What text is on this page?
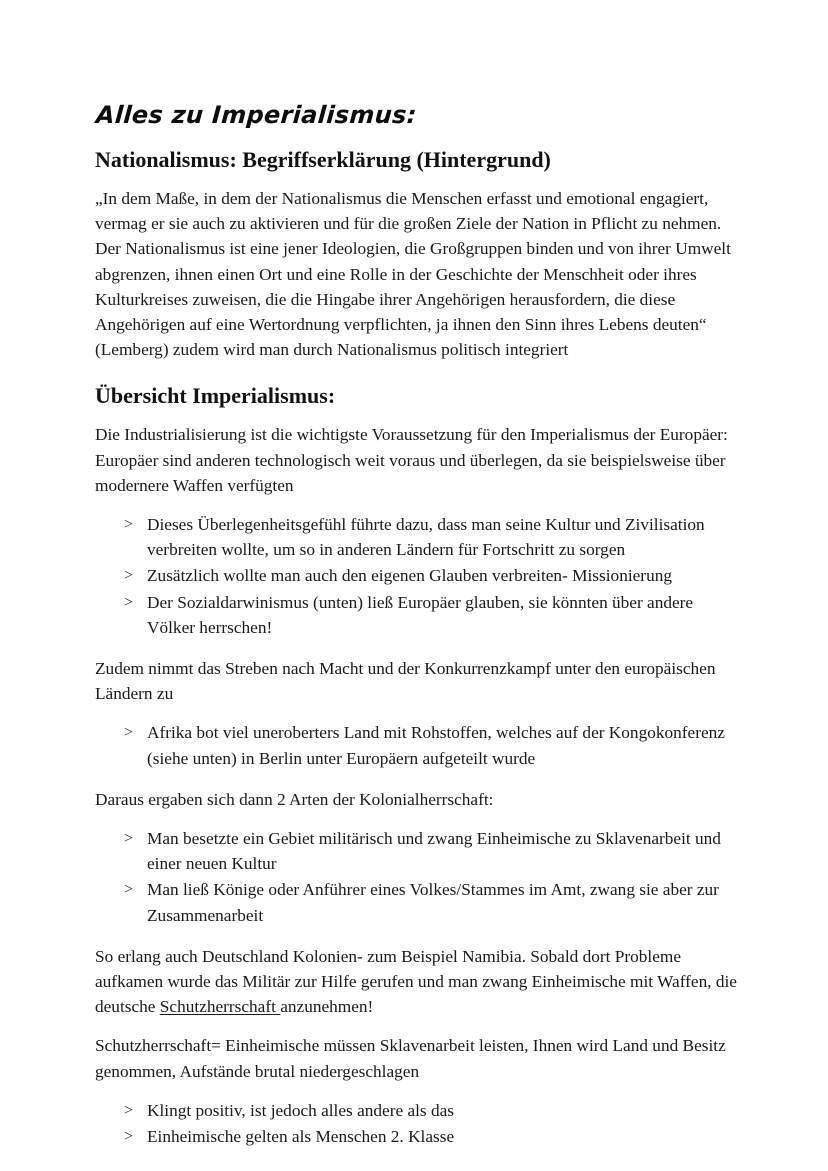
Alles zu Imperialismus:
Nationalismus: Begriffserklärung (Hintergrund)

„In dem Maße, in dem der Nationalismus die Menschen erfasst und emotional engagiert, vermag er sie auch zu aktivieren und für die großen Ziele der Nation in Pflicht zu nehmen. Der Nationalismus ist eine jener Ideologien, die Großgruppen binden und von ihrer Umwelt abgrenzen, ihnen einen Ort und eine Rolle in der Geschichte der Menschheit oder ihres Kulturkreises zuweisen, die die Hingabe ihrer Angehörigen herausfordern, die diese Angehörigen auf eine Wertordnung verpflichten, ja ihnen den Sinn ihres Lebens deuten“ (Lemberg) zudem wird man durch Nationalismus politisch integriert

Übersicht Imperialismus:

Die Industrialisierung ist die wichtigste Voraussetzung für den Imperialismus der Europäer: Europäer sind anderen technologisch weit voraus und überlegen, da sie beispielsweise über modernere Waffen verfügten

> Dieses Überlegenheitsgefühl führte dazu, dass man seine Kultur und Zivilisation verbreiten wollte, um so in anderen Ländern für Fortschritt zu sorgen
> Zusätzlich wollte man auch den eigenen Glauben verbreiten- Missionierung
> Der Sozialdarwinismus (unten) ließ Europäer glauben, sie könnten über andere Völker herrschen!

Zudem nimmt das Streben nach Macht und der Konkurrenzkampf unter den europäischen Ländern zu

> Afrika bot viel uneroberters Land mit Rohstoffen, welches auf der Kongokonferenz (siehe unten) in Berlin unter Europäern aufgeteilt wurde

Daraus ergaben sich dann 2 Arten der Kolonialherrschaft:

> Man besetzte ein Gebiet militärisch und zwang Einheimische zu Sklavenarbeit und einer neuen Kultur
> Man ließ Könige oder Anführer eines Volkes/Stammes im Amt, zwang sie aber zur Zusammenarbeit

So erlang auch Deutschland Kolonien- zum Beispiel Namibia. Sobald dort Probleme aufkamen wurde das Militär zur Hilfe gerufen und man zwang Einheimische mit Waffen, die deutsche Schutzherrschaft anzunehmen!

Schutzherrschaft= Einheimische müssen Sklavenarbeit leisten, Ihnen wird Land und Besitz genommen, Aufstände brutal niedergeschlagen

> Klingt positiv, ist jedoch alles andere als das
> Einheimische gelten als Menschen 2. Klasse
